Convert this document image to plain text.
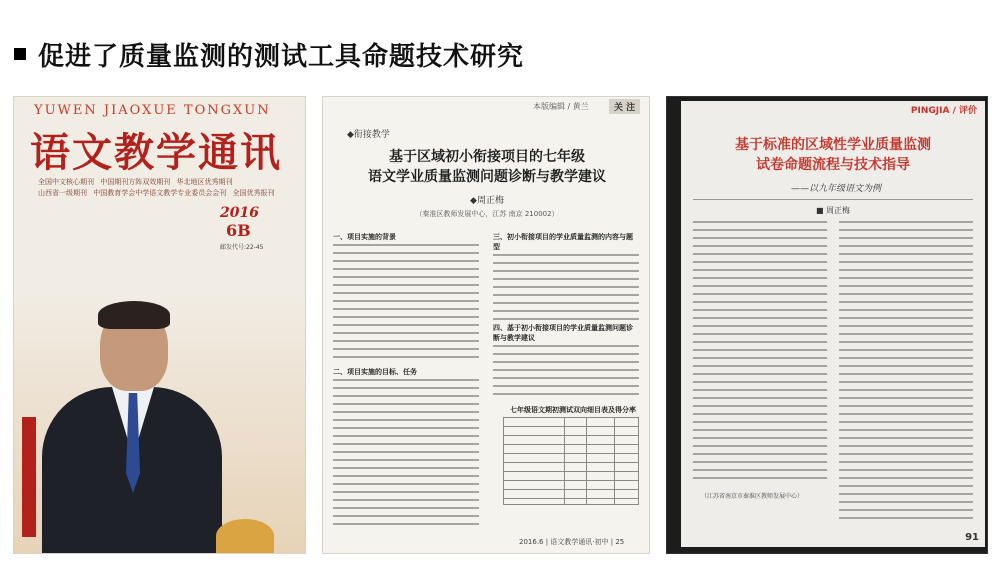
促进了质量监测的测试工具命题技术研究
YUWEN JIAOXUE TONGXUN
语文教学通讯
全国中文核心期刊 中国期刊方阵双效期刊 华北地区优秀期刊 山西省一级期刊 中国教育学会中学语文教学专业委员会会刊 全国优秀报刊
2016
6B
邮发代号:22-45
本版编辑 / 黄兰	关 注
◆衔接教学
基于区域初小衔接项目的七年级
语文学业质量监测问题诊断与教学建议
◆周正梅
（秦淮区教师发展中心，江苏 南京 210002）
一、项目实施的背景
二、项目实施的目标、任务
三、初小衔接项目的学业质量监测的内容与题型
四、基于初小衔接项目的学业质量监测问题诊断与教学建议
七年级语文期初测试双向细目表及得分率
2016.6 | 语文教学通讯·初中 | 25
PINGJIA / 评价
基于标准的区域性学业质量监测
试卷命题流程与技术指导
——以九年级语文为例
■ 周正梅
（江苏省南京市秦淮区教师发展中心）
91
